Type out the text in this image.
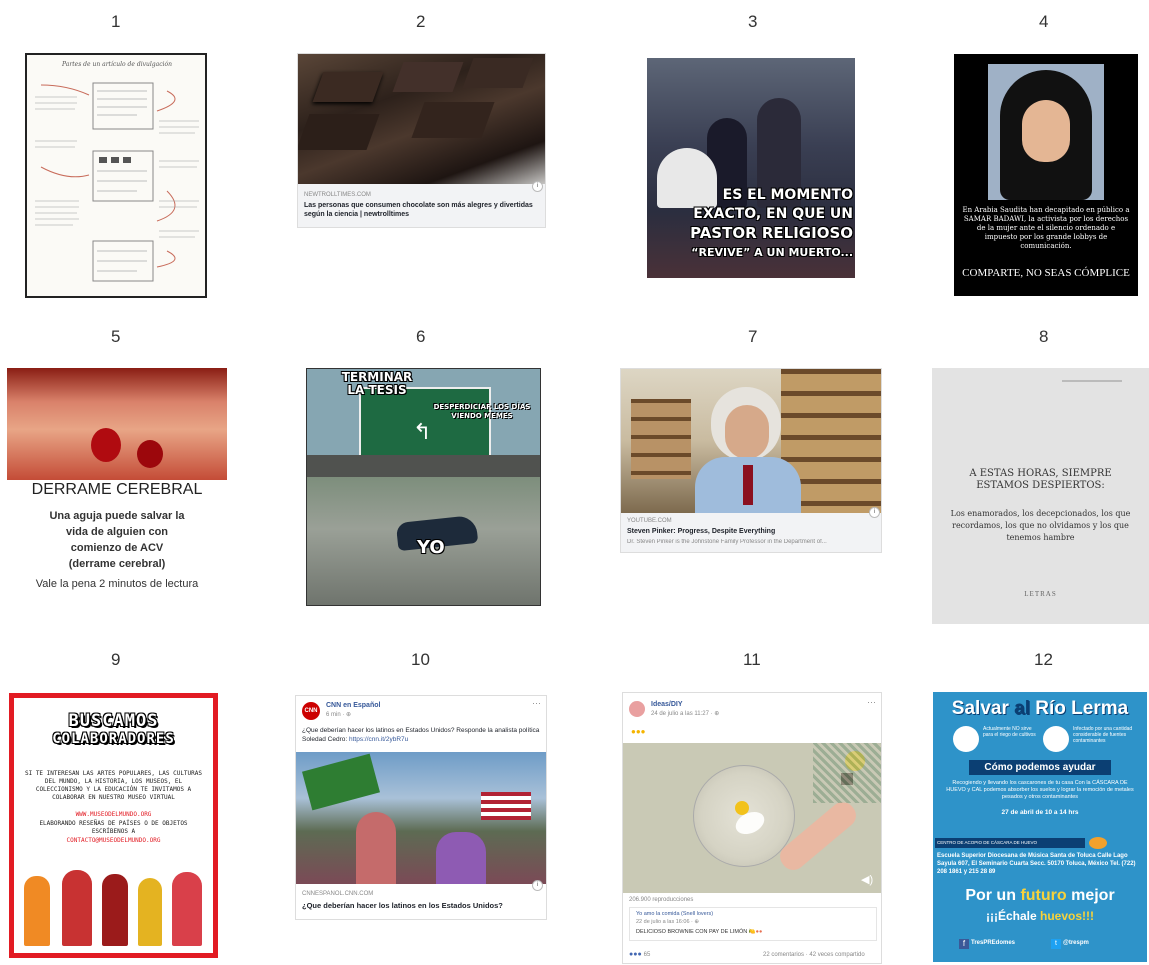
1	2	3	4
5	6	7	8
9	10	11	12
Partes de un artículo de divulgación
i
NEWTROLLTIMES.COM
Las personas que consumen chocolate son más alegres y divertidas según la ciencia | newtrolltimes
ES EL MOMENTO
EXACTO, EN QUE UN
PASTOR RELIGIOSO
“REVIVE” A UN MUERTO...
En Arabia Saudita han decapitado en público a SAMAR BADAWI, la activista por los derechos de la mujer ante el silencio ordenado e impuesto por los grande lobbys de comunicación.
COMPARTE, NO SEAS CÓMPLICE
DERRAME CEREBRAL
Una aguja puede salvar la vida de alguien con comienzo de ACV (derrame cerebral)
Vale la pena 2 minutos de lectura
↰
TERMINAR LA TESIS
DESPERDICIAR LOS DÍAS VIENDO MEMES
YO
i
YOUTUBE.COM
Steven Pinker: Progress, Despite Everything
Dr. Steven Pinker is the Johnstone Family Professor in the Department of...
A ESTAS HORAS, SIEMPRE
ESTAMOS DESPIERTOS:
Los enamorados, los decepcionados, los que recordamos, los que no olvidamos y los que tenemos hambre
LETRAS
BUSCAMOS
COLABORADORES
SI TE INTERESAN LAS ARTES POPULARES, LAS CULTURAS DEL MUNDO, LA HISTORIA, LOS MUSEOS, EL COLECCIONISMO Y LA EDUCACIÓN TE INVITAMOS A COLABORAR EN NUESTRO MUSEO VIRTUAL
WWW.MUSEODELMUNDO.ORG
ELABORANDO RESEÑAS DE PAÍSES O DE OBJETOS ESCRÍBENOS A
CONTACTO@MUSEODELMUNDO.ORG
CNN
CNN en Español
6 min · ⊕
···
¿Que deberían hacer los latinos en Estados Unidos? Responde la analista política Soledad Cedro: https://cnn.it/2ybR7u
i
CNNESPANOL.CNN.COM
¿Que deberían hacer los latinos en los Estados Unidos?
Ideas/DIY
24 de julio a las 11:27 · ⊕
···
●●●
◀)
206.900 reproducciones
Yo amo la comida (Snell lovers)
22 de julio a las 16:06 · ⊕
DELICIOSO BROWNIE CON PAY DE LIMÓN 🍋●●
●●● 65	22 comentarios · 42 veces compartido
Salvar al Río Lerma
Actualmente NO sirve para el riego de cultivos
Infectado por una cantidad considerable de fuentes contaminantes
Cómo podemos ayudar
Recogiendo y llevando los cascarones de tu casa Con la CÁSCARA DE HUEVO y CAL podemos absorber los suelos y lograr la remoción de metales pesados y otros contaminantes
27 de abril de 10 a 14 hrs
CENTRO DE ACOPIO DE CÁSCARA DE HUEVO
Escuela Superior Diocesana de Música Santa de Toluca Calle Lago Sayula 607, El Seminario Cuarta Secc. 50170 Toluca, México Tel. (722) 208 1861 y 215 28 89
Por un futuro mejor
¡¡¡Échale huevos!!!
f TresPREdomes	t	@trespm
